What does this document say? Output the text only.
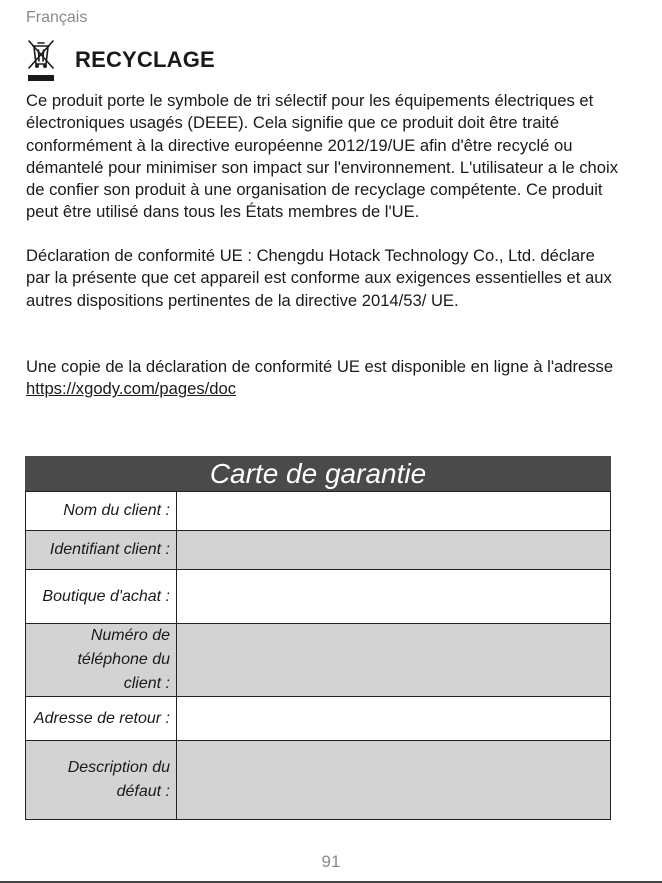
Français
RECYCLAGE

Ce produit porte le symbole de tri sélectif pour les équipements électriques et électroniques usagés (DEEE). Cela signifie que ce produit doit être traité conformément à la directive européenne 2012/19/UE afin d'être recyclé ou démantelé pour minimiser son impact sur l'environnement. L'utilisateur a le choix de confier son produit à une organisation de recyclage compétente. Ce produit peut être utilisé dans tous les États membres de l'UE.

Déclaration de conformité UE : Chengdu Hotack Technology Co., Ltd. déclare par la présente que cet appareil est conforme aux exigences essentielles et aux autres dispositions pertinentes de la directive 2014/53/ UE.

Une copie de la déclaration de conformité UE est disponible en ligne à l'adresse https://xgody.com/pages/doc

Carte de garantie
Nom du client :
Identifiant client :
Boutique d'achat :
Numéro de téléphone du client :
Adresse de retour :
Description du défaut :
91
